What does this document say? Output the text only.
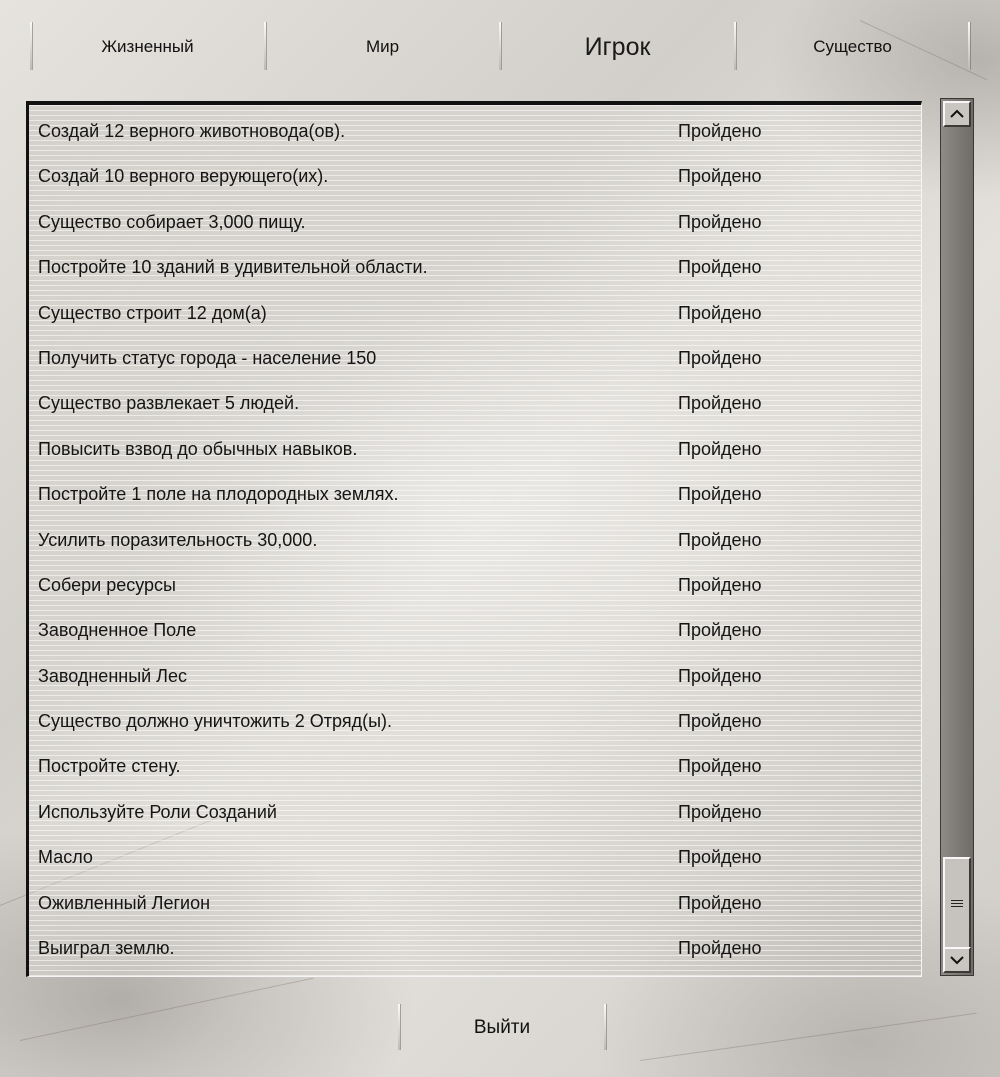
Жизненный	Мир	Игрок	Существо
Создай 12 верного животновода(ов).	Пройдено
Создай 10 верного верующего(их).	Пройдено
Существо собирает 3,000 пищу.	Пройдено
Постройте 10 зданий в удивительной области.	Пройдено
Существо строит 12 дом(а)	Пройдено
Получить статус города - население 150	Пройдено
Существо развлекает 5 людей.	Пройдено
Повысить взвод до обычных навыков.	Пройдено
Постройте 1 поле на плодородных землях.	Пройдено
Усилить поразительность 30,000.	Пройдено
Собери ресурсы	Пройдено
Заводненное Поле	Пройдено
Заводненный Лес	Пройдено
Существо должно уничтожить 2 Отряд(ы).	Пройдено
Постройте стену.	Пройдено
Используйте Роли Созданий	Пройдено
Масло	Пройдено
Оживленный Легион	Пройдено
Выиграл землю.	Пройдено
Выйти
